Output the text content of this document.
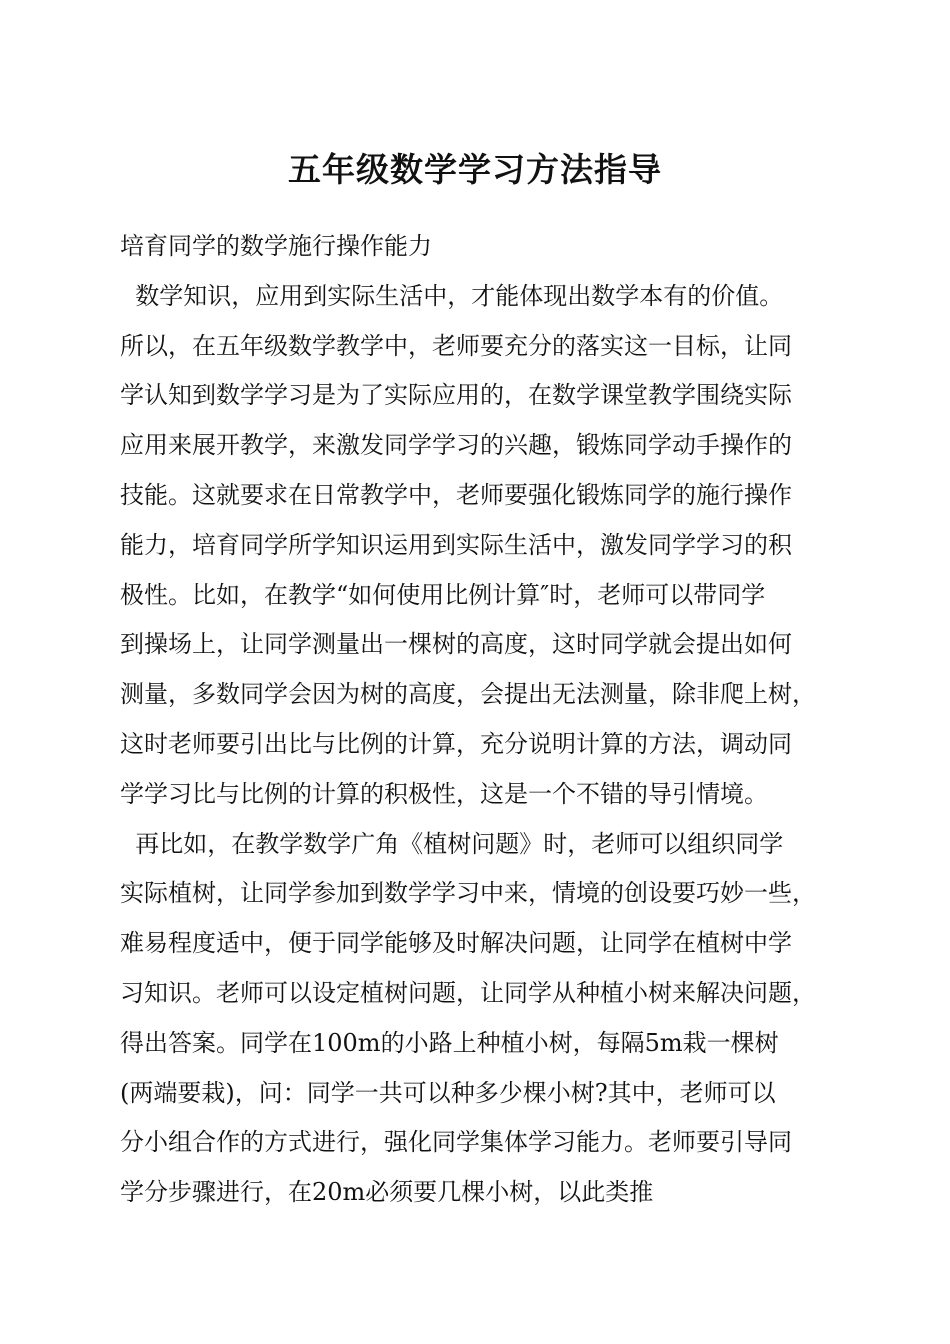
五年级数学学习方法指导
培育同学的数学施行操作能力
数学知识，应用到实际生活中，才能体现出数学本有的价值。
所以，在五年级数学教学中，老师要充分的落实这一目标，让同
学认知到数学学习是为了实际应用的，在数学课堂教学围绕实际
应用来展开教学，来激发同学学习的兴趣，锻炼同学动手操作的
技能。这就要求在日常教学中，老师要强化锻炼同学的施行操作
能力，培育同学所学知识运用到实际生活中，激发同学学习的积
极性。比如，在教学“如何使用比例计算″时，老师可以带同学
到操场上，让同学测量出一棵树的高度，这时同学就会提出如何
测量，多数同学会因为树的高度，会提出无法测量，除非爬上树，
这时老师要引出比与比例的计算，充分说明计算的方法，调动同
学学习比与比例的计算的积极性，这是一个不错的导引情境。
再比如，在教学数学广角《植树问题》时，老师可以组织同学
实际植树，让同学参加到数学学习中来，情境的创设要巧妙一些，
难易程度适中，便于同学能够及时解决问题，让同学在植树中学
习知识。老师可以设定植树问题，让同学从种植小树来解决问题，
得出答案。同学在100m的小路上种植小树，每隔5m栽一棵树
(两端要栽)，问：同学一共可以种多少棵小树?其中，老师可以
分小组合作的方式进行，强化同学集体学习能力。老师要引导同
学分步骤进行，在20m必须要几棵小树，以此类推
